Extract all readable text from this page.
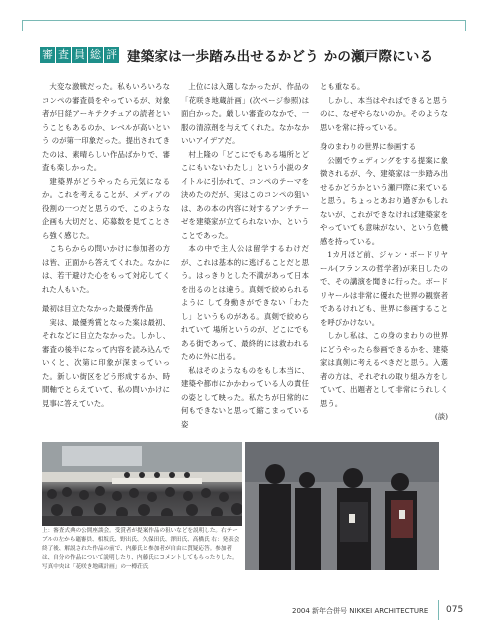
審 査 員 総 評 建築家は一歩踏み出せるかどう かの瀬戸際にいる

大変な激戦だった。私もいろいろなコンペの審査員をやっているが、対象者が日経アーキテクチュアの読者ということもあるのか、レベルが高いという のが第一印象だった。提出されてきたのは、素晴らしい作品ばかりで、審査も楽しかった。

建築界がどうやったら元気になるか。これを考えることが、メディアの役割の一つだと思うので、このような企画も大切だと、応募数を見てことさら強く感じた。

こちらからの問いかけに参加者の方は皆、正面から答えてくれた。なかには、若干避けた心をもって対応してくれた人もいた。

最初は目立たなかった最優秀作品

実は、最優秀賞となった案は最初、それなどに目立たなかった。しかし、審査の後半になって内容を読み込んでいくと、次第に印象が深まっていった。新しい街区をどう形成するか、時間軸でとらえていて、私の問いかけに見事に答えていた。

上位には入選しなかったが、作品の「花咲き地蔵計画」(次ページ参照)は面白かった。厳しい審査のなかで、一服の清涼剤を与えてくれた。なかなかいいアイデアだ。

村上隆の「どこにでもある場所とどこにもいないわたし」という小説のタイトルに引かれて、コンペのテーマを決めたのだが、実はこのコンペの狙いは、あの本の内容に対するアンチテーゼを建築家が立てられないか、ということであった。

本の中で主人公は留学するわけだが、これは基本的に逃げることだと思う。はっきりとした不満があって日本を出るのとは違う。真剣で絞められるように して身動きができない「わたし」というものがある。真剣で絞められていて 場所というのが、どこにでもある街であって、最終的には救われるために外に出る。

私はそのようなものをもし本当に、建築や都市にかかわっている人の責任の姿として映った。私たちが日常的に何もできないと思って縮こまっている姿

とも重なる。

しかし、本当はやればできると思うのに、なぜやらないのか。そのような思いを常に持っている。

身のまわりの世界に参画する

公園でウェディングをする提案に象徴されるが、今、建築家は一歩踏み出せるかどうかという瀬戸際に来ていると思う。ちょっとあおり過ぎかもしれないが、これができなければ建築家を やっていても意味がない、という危機感を持っている。

1カ月ほど前、ジャン・ボードリヤール(フランスの哲学者)が来日したので、その講演を聞きに行った。ボードリヤールは非常に優れた世界の観察者であるけれども、世界に参画することを呼びかけない。

しかし私は、この身のまわりの世界にどうやったら参画できるかを、建築家は真剣に考えるべきだと思う。入選者の方は、それぞれの取り組み方をしていて、出題者として非常にうれしく思う。

(談)
上：審査式典の公開座談会。受賞者が提案作品の狙いなどを説明した。右テーブルの左から竈審員、相坂氏、野出氏、久保田氏、澤田氏、高橋氏 右：発表会終了後、解説された作品の前で、内藤氏と参加者が自由に質疑応答。参加者は、自分の作品について説明したり、内藤氏にコメントしてもらったりした。写真中央は「花咲き地蔵計画」の一樽荘氏
2004 新年合併号 NIKKEI ARCHITECTURE 075
